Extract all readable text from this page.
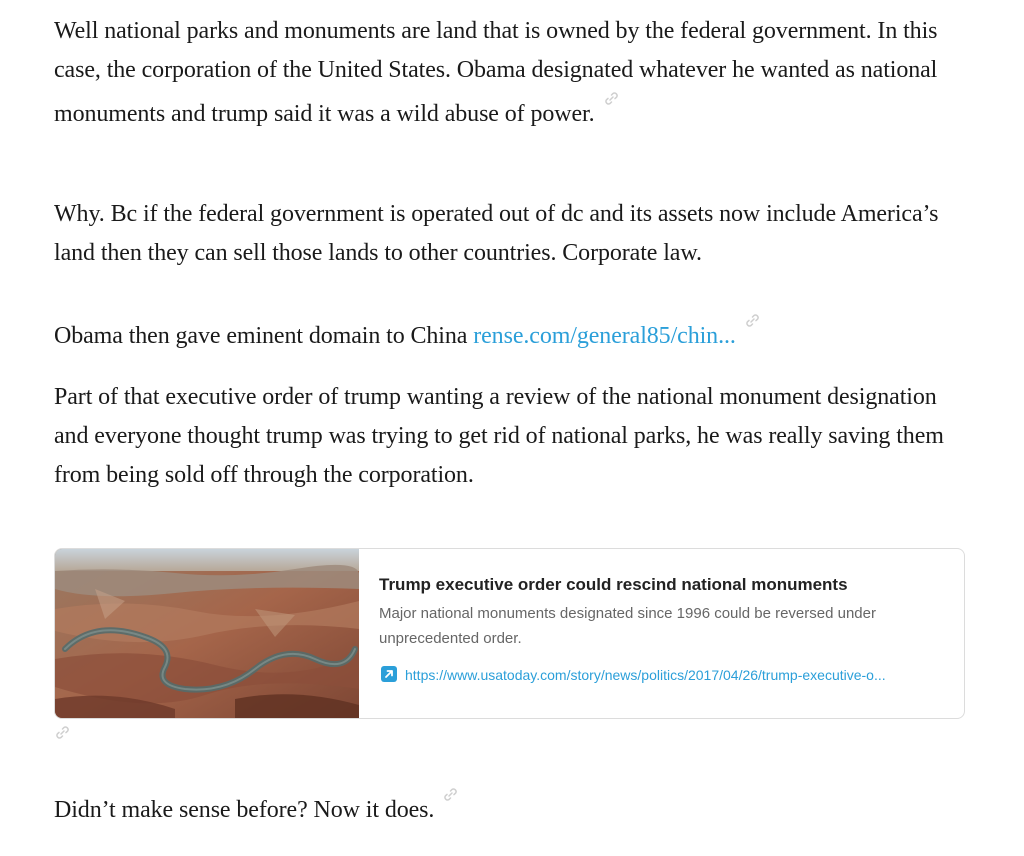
Well national parks and monuments are land that is owned by the federal government. In this case, the corporation of the United States. Obama designated whatever he wanted as national monuments and trump said it was a wild abuse of power.

Why. Bc if the federal government is operated out of dc and its assets now include America’s land then they can sell those lands to other countries. Corporate law.

Obama then gave eminent domain to China rense.com/general85/chin...

Part of that executive order of trump wanting a review of the national monument designation and everyone thought trump was trying to get rid of national parks, he was really saving them from being sold off through the corporation.

Trump executive order could rescind national monuments
Major national monuments designated since 1996 could be reversed under unprecedented order.
https://www.usatoday.com/story/news/politics/2017/04/26/trump-executive-o...

Didn’t make sense before? Now it does.
